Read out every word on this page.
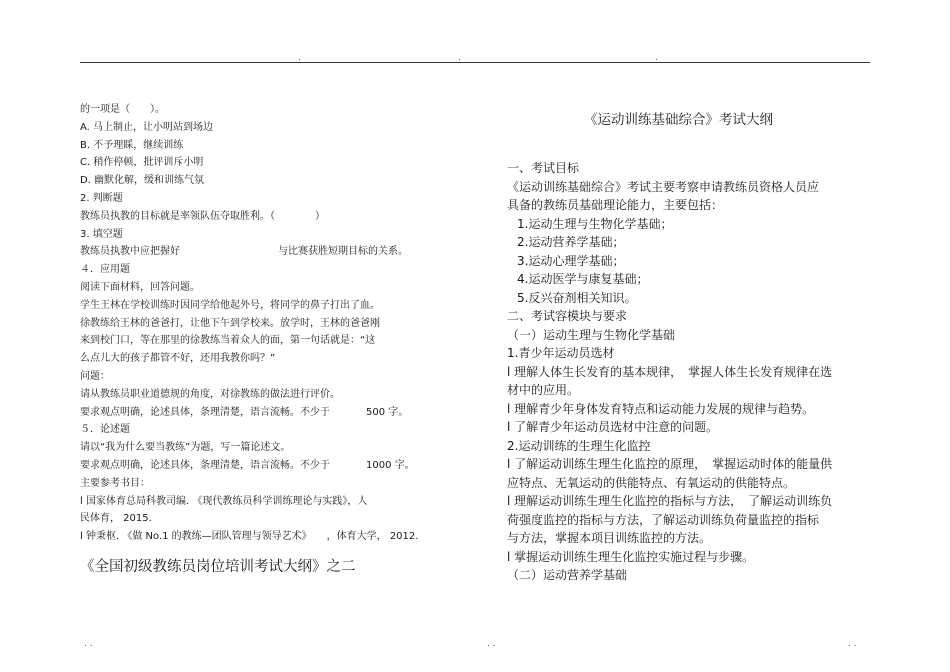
.	.	.
的一项是（　　）。
A. 马上制止，让小明站到场边
B. 不予理睬，继续训练
C. 稍作停顿，批评训斥小明
D. 幽默化解，缓和训练气氛
2. 判断题
教练员执教的目标就是率领队伍夺取胜利。（　　　　）
3. 填空题
教练员执教中应把握好	与比赛获胜短期目标的关系。
４．应用题
阅读下面材料，回答问题。
学生王林在学校训练时因同学给他起外号，将同学的鼻子打出了血。
徐教练给王林的爸爸打，让他下午到学校来。放学时，王林的爸爸刚
来到校门口，等在那里的徐教练当着众人的面，第一句话就是：“这
么点儿大的孩子都管不好，还用我教你吗？”
问题：
请从教练员职业道德规的角度，对徐教练的做法进行评价。
要求观点明确，论述具体，条理清楚，语言流畅。不少于	500 字。
５．论述题
请以“我为什么要当教练”为题，写一篇论述文。
要求观点明确，论述具体，条理清楚，语言流畅。不少于	1000 字。
主要参考书目：
l 国家体育总局科教司编. 《现代教练员科学训练理论与实践》，人
民体育， 2015.
l 钟秉枢. 《做 No.1 的教练—团队管理与领导艺术》　　，体育大学， 2012.
《全国初级教练员岗位培训考试大纲》之二
《运动训练基础综合》考试大纲
一、考试目标
《运动训练基础综合》考试主要考察申请教练员资格人员应
具备的教练员基础理论能力，主要包括：
1.运动生理与生物化学基础；
2.运动营养学基础；
3.运动心理学基础；
4.运动医学与康复基础；
5.反兴奋剂相关知识。
二、考试容模块与要求
（一）运动生理与生物化学基础
1.青少年运动员选材
l 理解人体生长发育的基本规律，　掌握人体生长发育规律在选
材中的应用。
l 理解青少年身体发育特点和运动能力发展的规律与趋势。
l 了解青少年运动员选材中注意的问题。
2.运动训练的生理生化监控
l 了解运动训练生理生化监控的原理，　掌握运动时体的能量供
应特点、无氧运动的供能特点、有氧运动的供能特点。
l 理解运动训练生理生化监控的指标与方法，　了解运动训练负
荷强度监控的指标与方法，了解运动训练负荷量监控的指标
与方法，掌握本项目训练监控的方法。
l 掌握运动训练生理生化监控实施过程与步骤。
（二）运动营养学基础
. .	. .	. .
